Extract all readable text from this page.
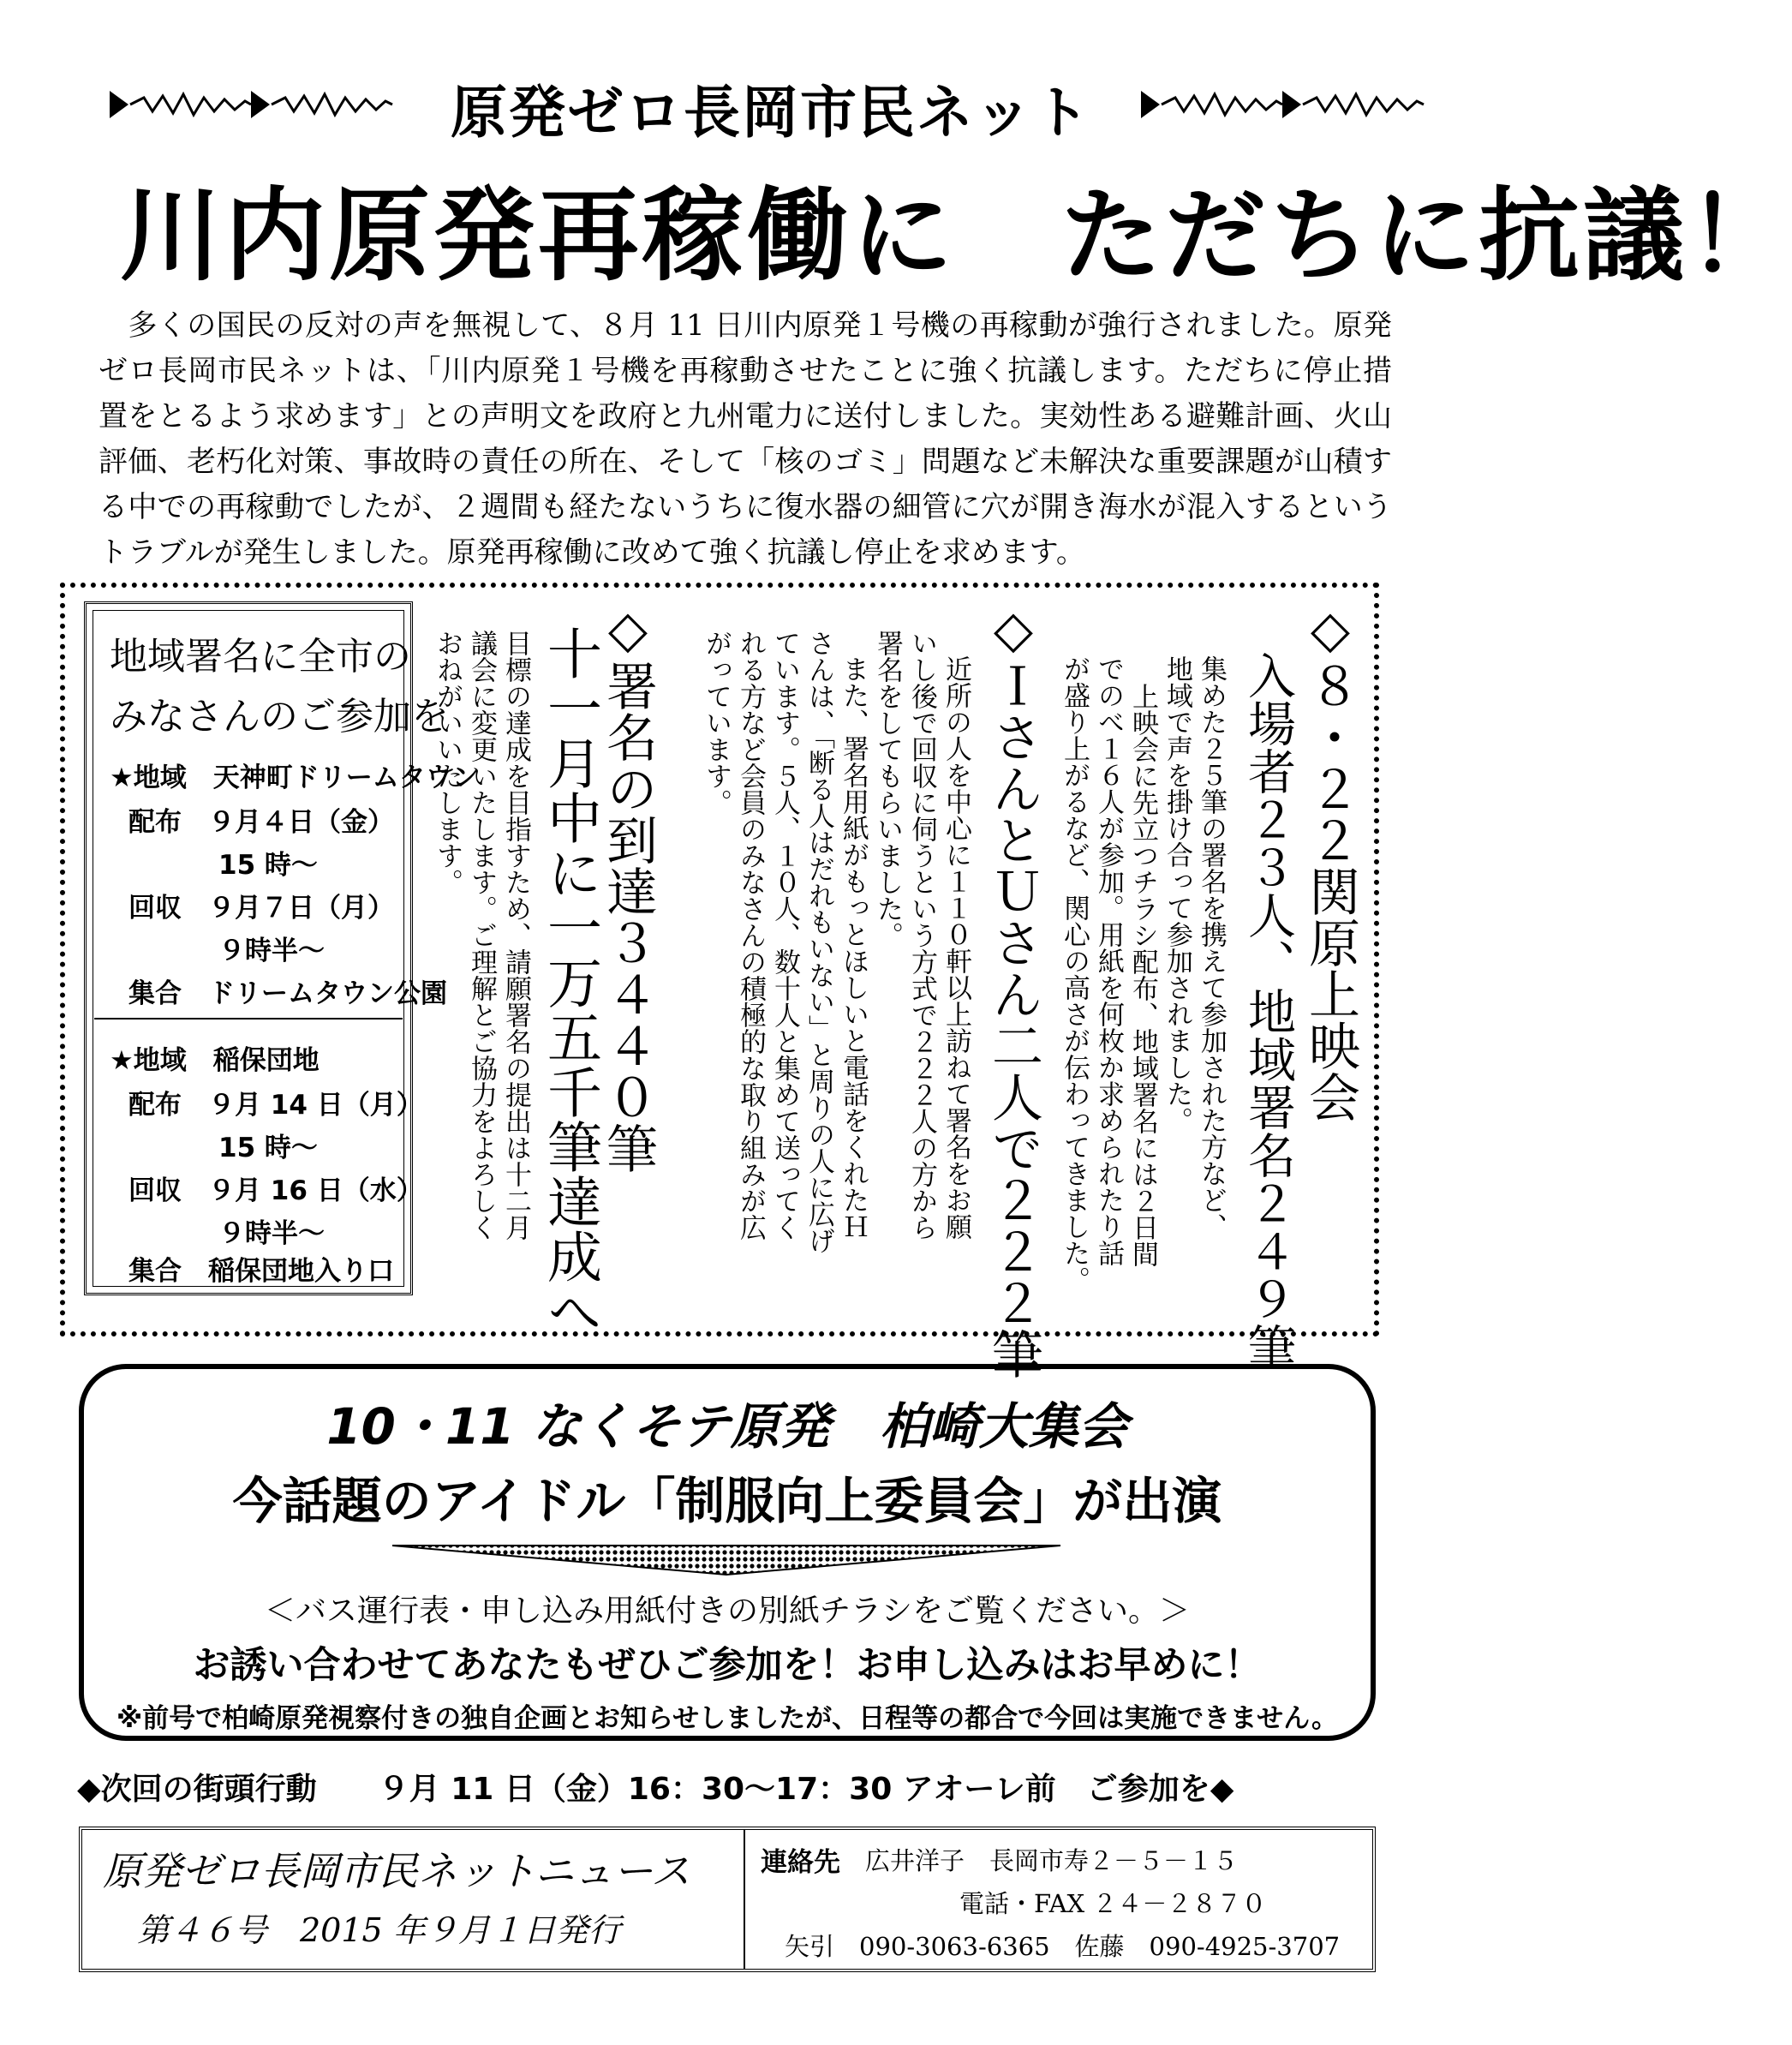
原発ゼロ長岡市民ネット
川内原発再稼働に　ただちに抗議！
　多くの国民の反対の声を無視して、８月 11 日川内原発１号機の再稼動が強行されました。原発ゼロ長岡市民ネットは、「川内原発１号機を再稼動させたことに強く抗議します。ただちに停止措置をとるよう求めます」との声明文を政府と九州電力に送付しました。実効性ある避難計画、火山評価、老朽化対策、事故時の責任の所在、そして「核のゴミ」問題など未解決な重要課題が山積する中での再稼動でしたが、２週間も経たないうちに復水器の細管に穴が開き海水が混入するというトラブルが発生しました。原発再稼働に改めて強く抗議し停止を求めます。
◇８・２２関原上映会
入場者２３人、地域署名２４９筆
集めた２５筆の署名を携えて参加された方など、
地域で声を掛け合って参加されました。
上映会に先立つチラシ配布、地域署名には２日間
でのべ１６人が参加。用紙を何枚か求められたり話
が盛り上がるなど、関心の高さが伝わってきました。
◇ＩさんとＵさん二人で２２２筆
近所の人を中心に１１０軒以上訪ねて署名をお願
いし後で回収に伺うという方式で２２２人の方から
署名をしてもらいました。
また、署名用紙がもっとほしいと電話をくれたＨ
さんは、「断る人はだれもいない」と周りの人に広げ
ています。５人、１０人、数十人と集めて送ってく
れる方など会員のみなさんの積極的な取り組みが広
がっています。
◇署名の到達３４４０筆
十一月中に一万五千筆達成へ
目標の達成を目指すため、請願署名の提出は十二月
議会に変更いたします。ご理解とご協力をよろしく
おねがいいたします。
地域署名に全市の
みなさんのご参加を
★地域　天神町ドリームタウン
配布　９月４日（金）
15 時～
回収　９月７日（月）
９時半～
集合　ドリームタウン公園
★地域　稲保団地
配布　９月 14 日（月）
15 時～
回収　９月 16 日（水）
９時半～
集合　稲保団地入り口
10・11 なくそテ原発　柏崎大集会
今話題のアイドル「制服向上委員会」が出演
＜バス運行表・申し込み用紙付きの別紙チラシをご覧ください。＞
お誘い合わせてあなたもぜひご参加を！お申し込みはお早めに！
※前号で柏崎原発視察付きの独自企画とお知らせしましたが、日程等の都合で今回は実施できません。
◆次回の街頭行動　　９月 11 日（金）16：30～17：30 アオーレ前　ご参加を◆
原発ゼロ長岡市民ネットニュース
第４６号　2015 年９月１日発行
連絡先 広井洋子　長岡市寿２－５－１５
電話・FAX ２４－２８７０
矢引　090-3063-6365　佐藤　090-4925-3707
